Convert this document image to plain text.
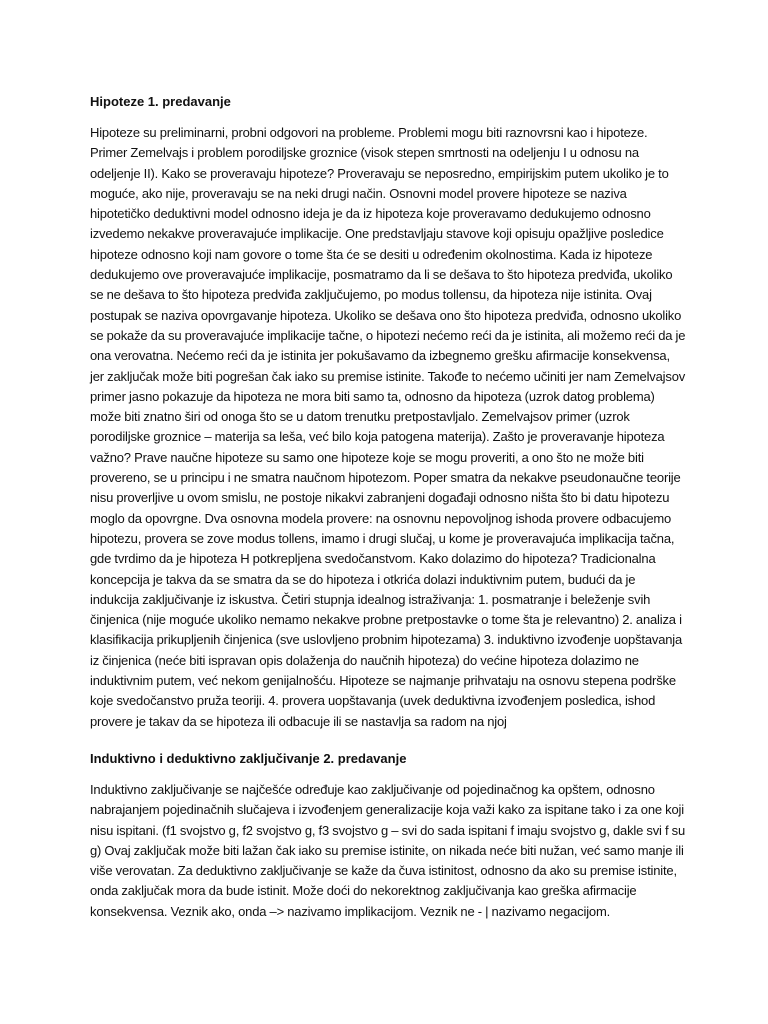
Hipoteze 1. predavanje

Hipoteze su preliminarni, probni odgovori na probleme. Problemi mogu biti raznovrsni kao i hipoteze. Primer Zemelvajs i problem porodiljske groznice (visok stepen smrtnosti na odeljenju I u odnosu na odeljenje II). Kako se proveravaju hipoteze? Proveravaju se neposredno, empirijskim putem ukoliko je to moguće, ako nije, proveravaju se na neki drugi način. Osnovni model provere hipoteze se naziva hipotetičko deduktivni model odnosno ideja je da iz hipoteza koje proveravamo dedukujemo odnosno izvedemo nekakve proveravajuće implikacije. One predstavljaju stavove koji opisuju opažljive posledice hipoteze odnosno koji nam govore o tome šta će se desiti u određenim okolnostima. Kada iz hipoteze dedukujemo ove proveravajuće implikacije, posmatramo da li se dešava to što hipoteza predviđa, ukoliko se ne dešava to što hipoteza predviđa zaključujemo, po modus tollensu, da hipoteza nije istinita. Ovaj postupak se naziva opovrgavanje hipoteza. Ukoliko se dešava ono što hipoteza predviđa, odnosno ukoliko se pokaže da su proveravajuće implikacije tačne, o hipotezi nećemo reći da je istinita, ali možemo reći da je ona verovatna. Nećemo reći da je istinita jer pokušavamo da izbegnemo grešku afirmacije konsekvensa, jer zaključak može biti pogrešan čak iako su premise istinite. Takođe to nećemo učiniti jer nam Zemelvajsov primer jasno pokazuje da hipoteza ne mora biti samo ta, odnosno da hipoteza (uzrok datog problema) može biti znatno širi od onoga što se u datom trenutku pretpostavljalo. Zemelvajsov primer (uzrok porodiljske groznice – materija sa leša, već bilo koja patogena materija). Zašto je proveravanje hipoteza važno? Prave naučne hipoteze su samo one hipoteze koje se mogu proveriti, a ono što ne može biti provereno, se u principu i ne smatra naučnom hipotezom. Poper smatra da nekakve pseudonaučne teorije nisu proverljive u ovom smislu, ne postoje nikakvi zabranjeni događaji odnosno ništa što bi datu hipotezu moglo da opovrgne. Dva osnovna modela provere: na osnovnu nepovoljnog ishoda provere odbacujemo hipotezu, provera se zove modus tollens, imamo i drugi slučaj, u kome je proveravajuća implikacija tačna, gde tvrdimo da je hipoteza H potkrepljena svedočanstvom. Kako dolazimo do hipoteza? Tradicionalna koncepcija je takva da se smatra da se do hipoteza i otkrića dolazi induktivnim putem, budući da je indukcija zaključivanje iz iskustva. Četiri stupnja idealnog istraživanja: 1. posmatranje i beleženje svih činjenica (nije moguće ukoliko nemamo nekakve probne pretpostavke o tome šta je relevantno) 2. analiza i klasifikacija prikupljenih činjenica (sve uslovljeno probnim hipotezama) 3. induktivno izvođenje uopštavanja iz činjenica (neće biti ispravan opis dolaženja do naučnih hipoteza) do većine hipoteza dolazimo ne induktivnim putem, već nekom genijalnošću. Hipoteze se najmanje prihvataju na osnovu stepena podrške koje svedočanstvo pruža teoriji. 4. provera uopštavanja (uvek deduktivna izvođenjem posledica, ishod provere je takav da se hipoteza ili odbacuje ili se nastavlja sa radom na njoj

Induktivno i deduktivno zaključivanje 2. predavanje

Induktivno zaključivanje se najčešće određuje kao zaključivanje od pojedinačnog ka opštem, odnosno nabrajanjem pojedinačnih slučajeva i izvođenjem generalizacije koja važi kako za ispitane tako i za one koji nisu ispitani. (f1 svojstvo g, f2 svojstvo g, f3 svojstvo g – svi do sada ispitani f imaju svojstvo g, dakle svi f su g) Ovaj zaključak može biti lažan čak iako su premise istinite, on nikada neće biti nužan, već samo manje ili više verovatan. Za deduktivno zaključivanje se kaže da čuva istinitost, odnosno da ako su premise istinite, onda zaključak mora da bude istinit. Može doći do nekorektnog zaključivanja kao greška afirmacije konsekvensa. Veznik ako, onda –> nazivamo implikacijom. Veznik ne - | nazivamo negacijom.
